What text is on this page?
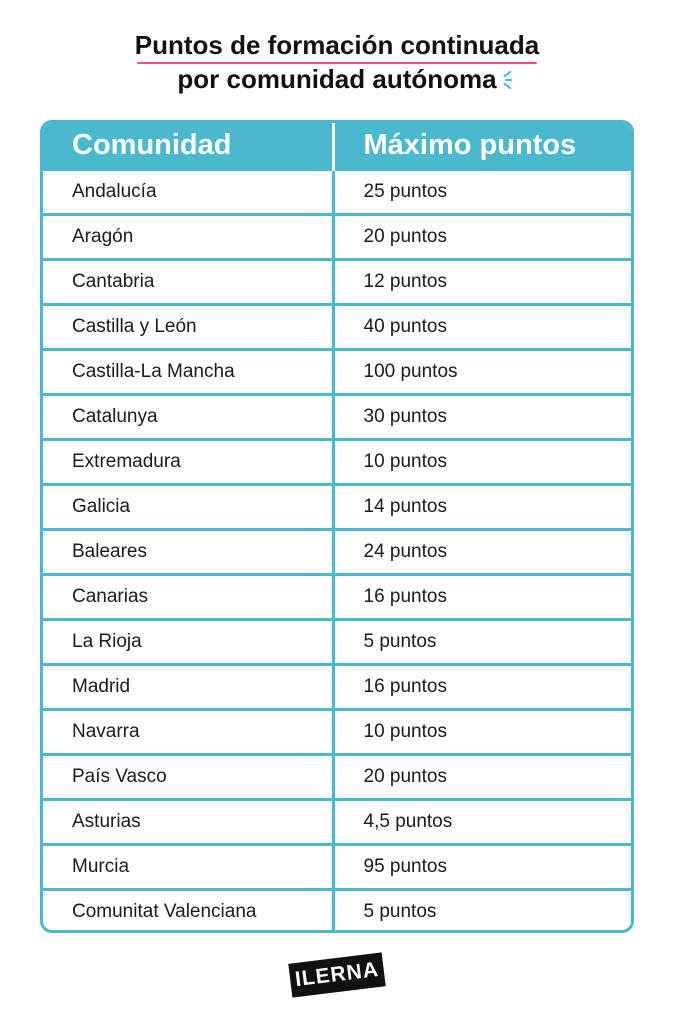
Puntos de formación continuada

por comunidad autónoma
Comunidad	Máximo puntos
Andalucía	25 puntos
Aragón	20 puntos
Cantabria	12 puntos
Castilla y León	40 puntos
Castilla-La Mancha	100 puntos
Catalunya	30 puntos
Extremadura	10 puntos
Galicia	14 puntos
Baleares	24 puntos
Canarias	16 puntos
La Rioja	5 puntos
Madrid	16 puntos
Navarra	10 puntos
País Vasco	20 puntos
Asturias	4,5 puntos
Murcia	95 puntos
Comunitat Valenciana	5 puntos
ILERNA
